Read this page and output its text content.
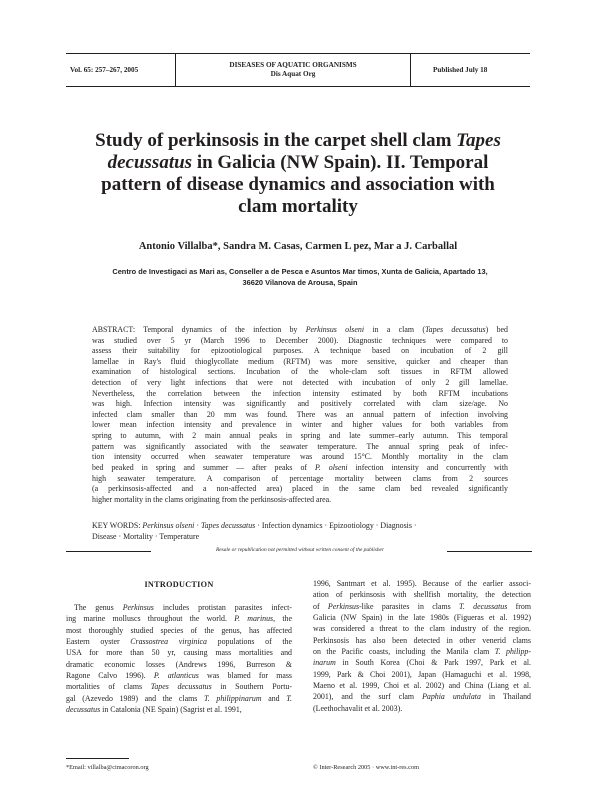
Vol. 65: 257–267, 2005
DISEASES OF AQUATIC ORGANISMS
Dis Aquat Org	Published July 18
Study of perkinsosis in the carpet shell clam Tapes
decussatus in Galicia (NW Spain). II. Temporal
pattern of disease dynamics and association with
clam mortality
Antonio Villalba*, Sandra M. Casas, Carmen L pez, Mar a J. Carballal
Centro de Investigaci as Mari as, Conseller a de Pesca e Asuntos Mar timos, Xunta de Galicia, Apartado 13,
36620 Vilanova de Arousa, Spain
ABSTRACT: Temporal dynamics of the infection by Perkinsus olseni in a clam (Tapes decussatus) bed
was studied over 5 yr (March 1996 to December 2000). Diagnostic techniques were compared to
assess their suitability for epizootiological purposes. A technique based on incubation of 2 gill
lamellae in Ray's fluid thioglycollate medium (RFTM) was more sensitive, quicker and cheaper than
examination of histological sections. Incubation of the whole-clam soft tissues in RFTM allowed
detection of very light infections that were not detected with incubation of only 2 gill lamellae.
Nevertheless, the correlation between the infection intensity estimated by both RFTM incubations
was high. Infection intensity was significantly and positively correlated with clam size/age. No
infected clam smaller than 20 mm was found. There was an annual pattern of infection involving
lower mean infection intensity and prevalence in winter and higher values for both variables from
spring to autumn, with 2 main annual peaks in spring and late summer–early autumn. This temporal
pattern was significantly associated with the seawater temperature. The annual spring peak of infec-
tion intensity occurred when seawater temperature was around 15°C. Monthly mortality in the clam
bed peaked in spring and summer — after peaks of P. olseni infection intensity and concurrently with
high seawater temperature. A comparison of percentage mortality between clams from 2 sources
(a perkinsosis-affected and a non-affected area) placed in the same clam bed revealed significantly
higher mortality in the clams originating from the perkinsosis-affected area.
KEY WORDS: Perkinsus olseni · Tapes decussatus · Infection dynamics · Epizootiology · Diagnosis ·
Disease · Mortality · Temperature
Resale or republication not permitted without written consent of the publisher
INTRODUCTION
The genus Perkinsus includes protistan parasites infect-
ing marine molluscs throughout the world. P. marinus, the
most thoroughly studied species of the genus, has affected
Eastern oyster Crassostrea virginica populations of the
USA for more than 50 yr, causing mass mortalities and
dramatic economic losses (Andrews 1996, Burreson &
Ragone Calvo 1996). P. atlanticus was blamed for mass
mortalities of clams Tapes decussatus in Southern Portu-
gal (Azevedo 1989) and the clams T. philippinarum and T.
decussatus in Catalonia (NE Spain) (Sagrist et al. 1991,
1996, Santmart et al. 1995). Because of the earlier associ-
ation of perkinsosis with shellfish mortality, the detection
of Perkinsus-like parasites in clams T. decussatus from
Galicia (NW Spain) in the late 1980s (Figueras et al. 1992)
was considered a threat to the clam industry of the region.
Perkinsosis has also been detected in other venerid clams
on the Pacific coasts, including the Manila clam T. philipp-
inarum in South Korea (Choi & Park 1997, Park et al.
1999, Park & Choi 2001), Japan (Hamaguchi et al. 1998,
Maeno et al. 1999, Choi et al. 2002) and China (Liang et al.
2001), and the surf clam Paphia undulata in Thailand
(Leethochavalit et al. 2003).
*Email: villalba@cimacoron.org	© Inter-Research 2005 · www.int-res.com
